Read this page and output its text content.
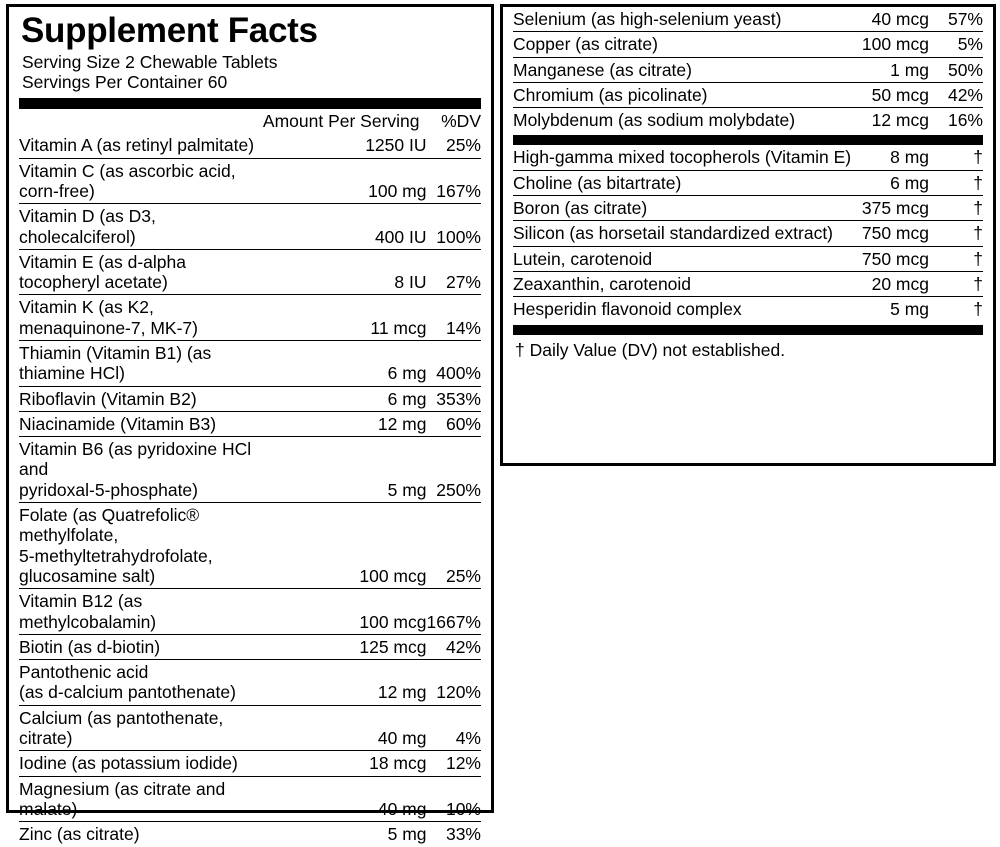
Supplement Facts
Serving Size 2 Chewable Tablets
Servings Per Container 60
	Amount Per Serving	%DV

Vitamin A (as retinyl palmitate)	1250 IU	25%

Vitamin C (as ascorbic acid, corn-free)	100 mg	167%

Vitamin D (as D3, cholecalciferol)	400 IU	100%

Vitamin E (as d-alpha tocopheryl acetate)	8 IU	27%

Vitamin K (as K2, menaquinone-7, MK-7)	11 mcg	14%

Thiamin (Vitamin B1) (as thiamine HCl)	6 mg	400%

Riboflavin (Vitamin B2)	6 mg	353%

Niacinamide (Vitamin B3)	12 mg	60%

Vitamin B6 (as pyridoxine HCl and
pyridoxal-5-phosphate)	5 mg	250%

Folate (as Quatrefolic® methylfolate,
5-methyltetrahydrofolate, glucosamine salt)	100 mcg	25%

Vitamin B12 (as methylcobalamin)	100 mcg	1667%

Biotin (as d-biotin)	125 mcg	42%

Pantothenic acid
(as d-calcium pantothenate)	12 mg	120%

Calcium (as pantothenate, citrate)	40 mg	4%

Iodine (as potassium iodide)	18 mcg	12%

Magnesium (as citrate and malate)	40 mg	10%

Zinc (as citrate)	5 mg	33%
Selenium (as high-selenium yeast)	40 mcg	57%

Copper (as citrate)	100 mcg	5%

Manganese (as citrate)	1 mg	50%

Chromium (as picolinate)	50 mcg	42%

Molybdenum (as sodium molybdate)	12 mcg	16%
High-gamma mixed tocopherols (Vitamin E)	8 mg	†

Choline (as bitartrate)	6 mg	†

Boron (as citrate)	375 mcg	†

Silicon (as horsetail standardized extract)	750 mcg	†

Lutein, carotenoid	750 mcg	†

Zeaxanthin, carotenoid	20 mcg	†

Hesperidin flavonoid complex	5 mg	†
† Daily Value (DV) not established.
